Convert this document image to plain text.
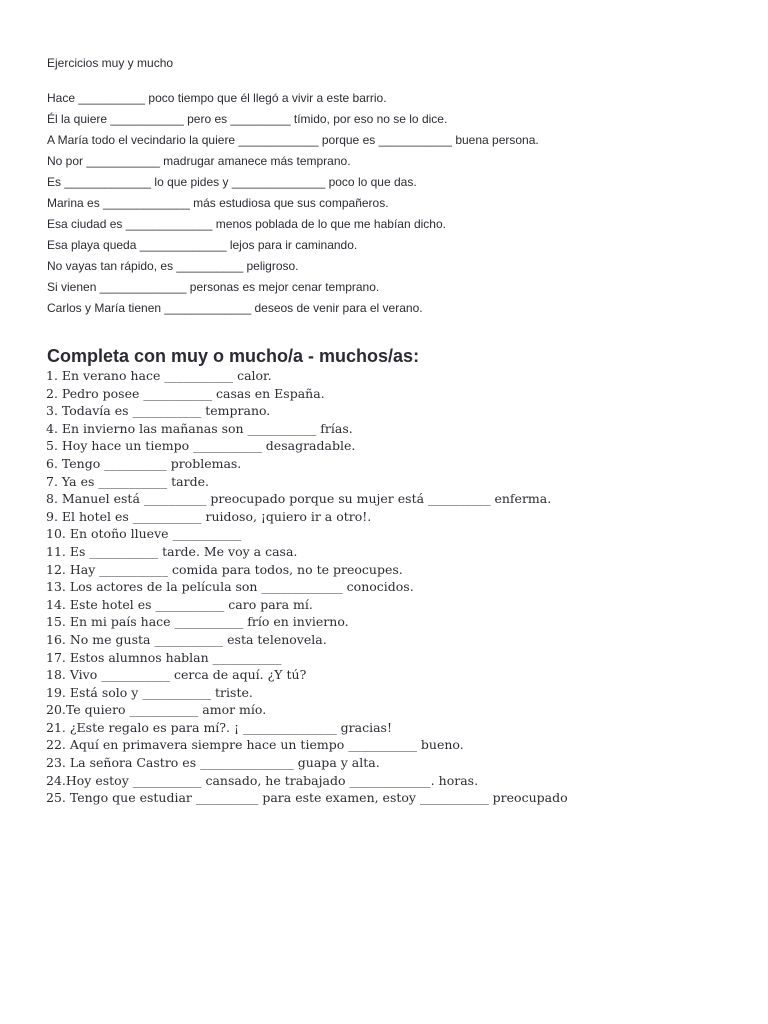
Ejercicios muy y mucho
Hace __________ poco tiempo que él llegó a vivir a este barrio.
Él la quiere ___________ pero es _________ tímido, por eso no se lo dice.
A María todo el vecindario la quiere ____________ porque es ___________ buena persona.
No por ___________ madrugar amanece más temprano.
Es _____________ lo que pides y ______________ poco lo que das.
Marina es _____________ más estudiosa que sus compañeros.
Esa ciudad es _____________ menos poblada de lo que me habían dicho.
Esa playa queda _____________ lejos para ir caminando.
No vayas tan rápido, es __________ peligroso.
Si vienen _____________ personas es mejor cenar temprano.
Carlos y María tienen _____________ deseos de venir para el verano.
Completa con muy o mucho/a - muchos/as:
1. En verano hace ___________ calor.
2. Pedro posee ___________ casas en España.
3. Todavía es ___________ temprano.
4. En invierno las mañanas son ___________ frías.
5. Hoy hace un tiempo ___________ desagradable.
6. Tengo __________ problemas.
7. Ya es ___________ tarde.
8. Manuel está __________ preocupado porque su mujer está __________ enferma.
9. El hotel es ___________ ruidoso, ¡quiero ir a otro!.
10. En otoño llueve ___________
11. Es ___________ tarde. Me voy a casa.
12. Hay ___________ comida para todos, no te preocupes.
13. Los actores de la película son _____________ conocidos.
14. Este hotel es ___________ caro para mí.
15. En mi país hace ___________ frío en invierno.
16. No me gusta ___________ esta telenovela.
17. Estos alumnos hablan ___________
18. Vivo ___________ cerca de aquí. ¿Y tú?
19. Está solo y ___________ triste.
20.Te quiero ___________ amor mío.
21. ¿Este regalo es para mí?. ¡ _______________ gracias!
22. Aquí en primavera siempre hace un tiempo ___________ bueno.
23. La señora Castro es _______________ guapa y alta.
24.Hoy estoy ___________ cansado, he trabajado _____________. horas.
25. Tengo que estudiar __________ para este examen, estoy ___________ preocupado
